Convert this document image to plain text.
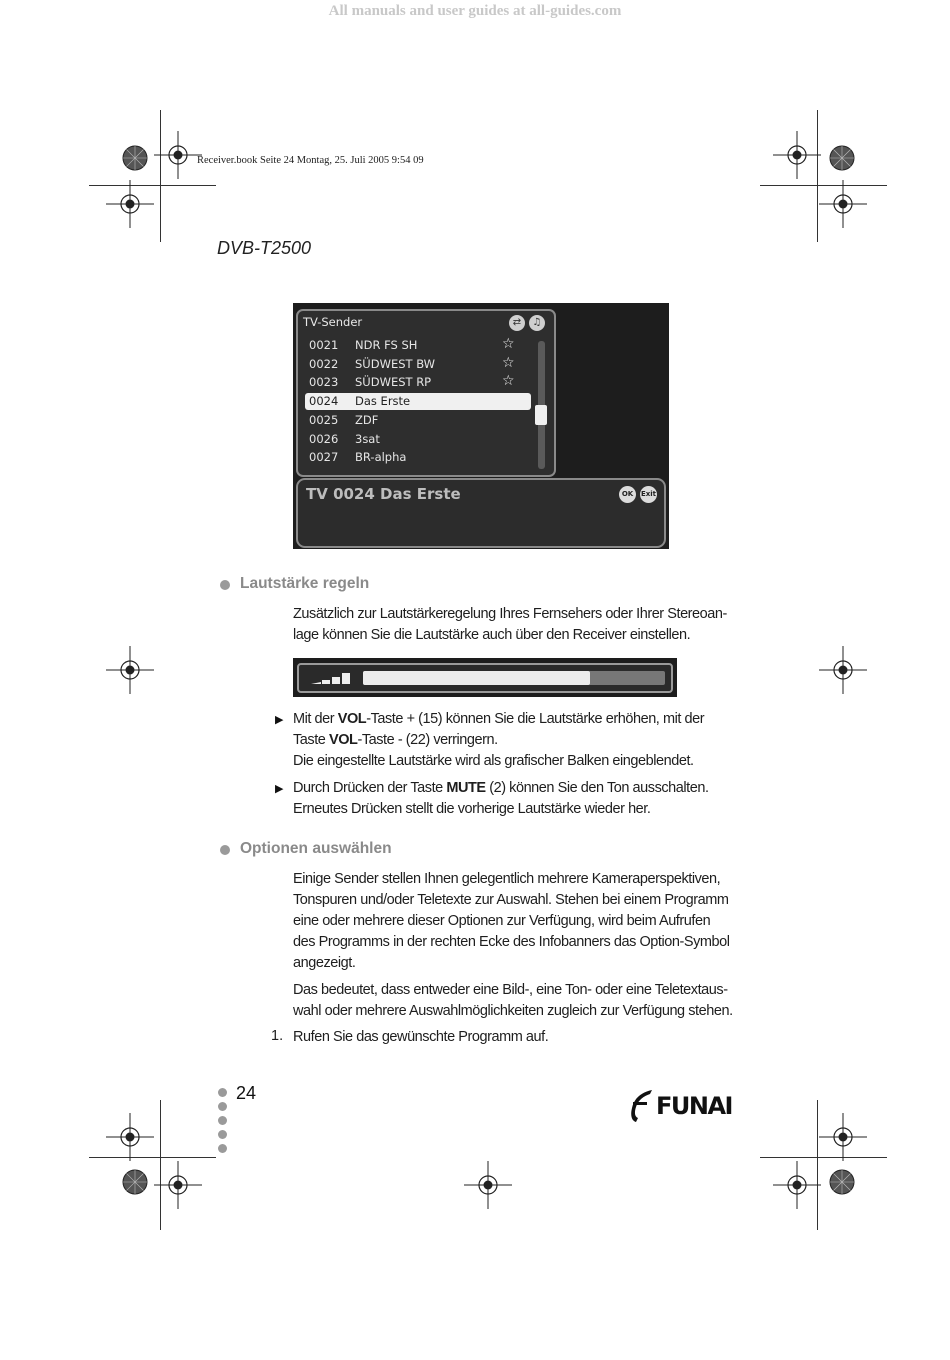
All manuals and user guides at all-guides.com
Receiver.book Seite 24 Montag, 25. Juli 2005 9:54 09
DVB-T2500
TV-Sender	⇄	♫
0021 NDR FS SH	☆
0022 SÜDWEST BW	☆
0023 SÜDWEST RP	☆
0024 Das Erste
0025 ZDF
0026 3sat
0027 BR-alpha
TV 0024 Das Erste	OK	Exit
Lautstärke regeln
Zusätzlich zur Lautstärkeregelung Ihres Fernsehers oder Ihrer Stereoan-
lage können Sie die Lautstärke auch über den Receiver einstellen.
▶ Mit der VOL-Taste + (15) können Sie die Lautstärke erhöhen, mit der
Taste VOL-Taste - (22) verringern.
Die eingestellte Lautstärke wird als grafischer Balken eingeblendet.
▶ Durch Drücken der Taste MUTE (2) können Sie den Ton ausschalten.
Erneutes Drücken stellt die vorherige Lautstärke wieder her.
Optionen auswählen
Einige Sender stellen Ihnen gelegentlich mehrere Kameraperspektiven,
Tonspuren und/oder Teletexte zur Auswahl. Stehen bei einem Programm
eine oder mehrere dieser Optionen zur Verfügung, wird beim Aufrufen
des Programms in der rechten Ecke des Infobanners das Option-Symbol
angezeigt.
Das bedeutet, dass entweder eine Bild-, eine Ton- oder eine Teletextaus-
wahl oder mehrere Auswahlmöglichkeiten zugleich zur Verfügung stehen.
1. Rufen Sie das gewünschte Programm auf.
24	FUNAI
